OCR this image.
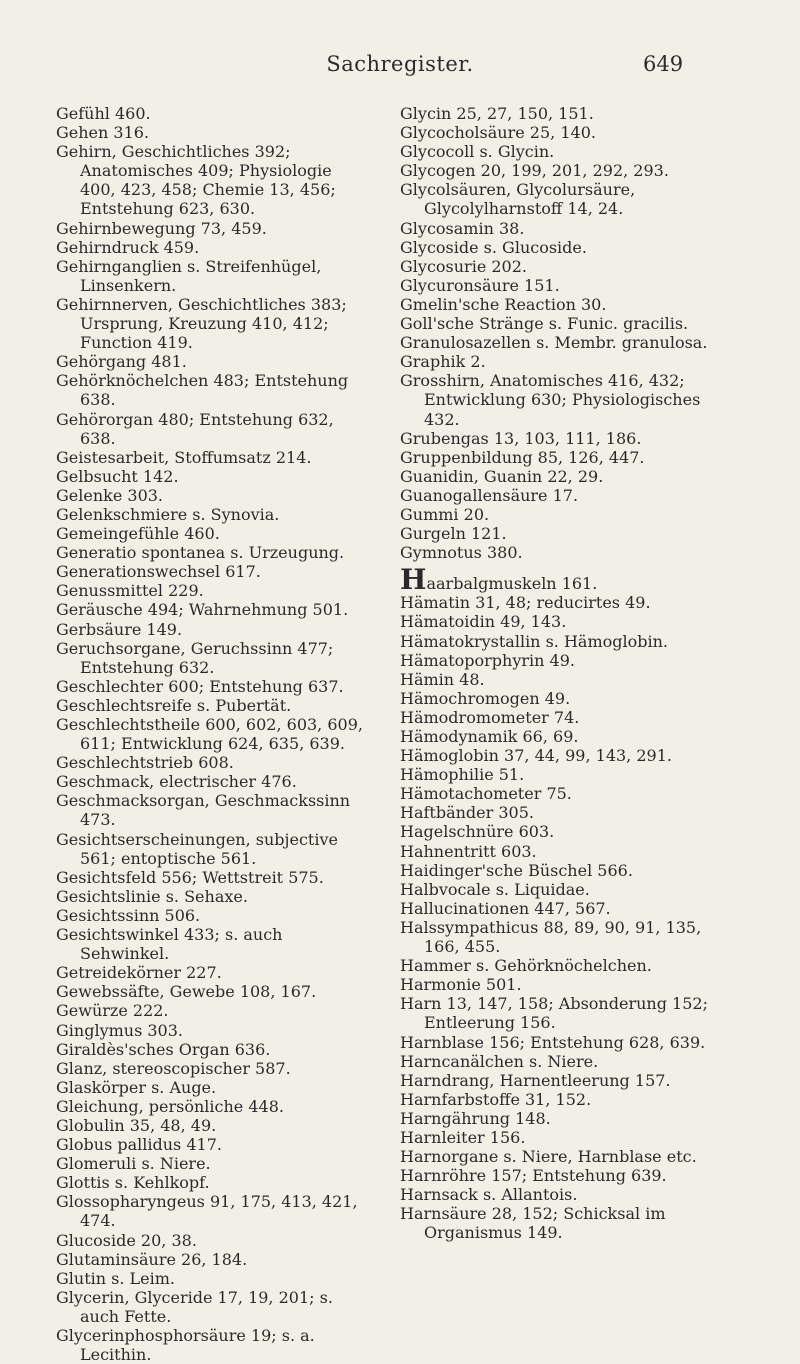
Sachregister.	649
Gefühl 460.
Gehen 316.
Gehirn, Geschichtliches 392; Anatomisches 409; Physiologie 400, 423, 458; Chemie 13, 456; Entstehung 623, 630.
Gehirnbewegung 73, 459.
Gehirndruck 459.
Gehirnganglien s. Streifenhügel, Linsenkern.
Gehirnnerven, Geschichtliches 383; Ursprung, Kreuzung 410, 412; Function 419.
Gehörgang 481.
Gehörknöchelchen 483; Entstehung 638.
Gehörorgan 480; Entstehung 632, 638.
Geistesarbeit, Stoffumsatz 214.
Gelbsucht 142.
Gelenke 303.
Gelenkschmiere s. Synovia.
Gemeingefühle 460.
Generatio spontanea s. Urzeugung.
Generationswechsel 617.
Genussmittel 229.
Geräusche 494; Wahrnehmung 501.
Gerbsäure 149.
Geruchsorgane, Geruchssinn 477; Entstehung 632.
Geschlechter 600; Entstehung 637.
Geschlechtsreife s. Pubertät.
Geschlechtstheile 600, 602, 603, 609, 611; Entwicklung 624, 635, 639.
Geschlechtstrieb 608.
Geschmack, electrischer 476.
Geschmacksorgan, Geschmackssinn 473.
Gesichtserscheinungen, subjective 561; entoptische 561.
Gesichtsfeld 556; Wettstreit 575.
Gesichtslinie s. Sehaxe.
Gesichtssinn 506.
Gesichtswinkel 433; s. auch Sehwinkel.
Getreidekörner 227.
Gewebssäfte, Gewebe 108, 167.
Gewürze 222.
Ginglymus 303.
Giraldès'sches Organ 636.
Glanz, stereoscopischer 587.
Glaskörper s. Auge.
Gleichung, persönliche 448.
Globulin 35, 48, 49.
Globus pallidus 417.
Glomeruli s. Niere.
Glottis s. Kehlkopf.
Glossopharyngeus 91, 175, 413, 421, 474.
Glucoside 20, 38.
Glutaminsäure 26, 184.
Glutin s. Leim.
Glycerin, Glyceride 17, 19, 201; s. auch Fette.
Glycerinphosphorsäure 19; s. a. Lecithin.
Glycin 25, 27, 150, 151.
Glycocholsäure 25, 140.
Glycocoll s. Glycin.
Glycogen 20, 199, 201, 292, 293.
Glycolsäuren, Glycolursäure, Glycolylharnstoff 14, 24.
Glycosamin 38.
Glycoside s. Glucoside.
Glycosurie 202.
Glycuronsäure 151.
Gmelin'sche Reaction 30.
Goll'sche Stränge s. Funic. gracilis.
Granulosazellen s. Membr. granulosa.
Graphik 2.
Grosshirn, Anatomisches 416, 432; Entwicklung 630; Physiologisches 432.
Grubengas 13, 103, 111, 186.
Gruppenbildung 85, 126, 447.
Guanidin, Guanin 22, 29.
Guanogallensäure 17.
Gummi 20.
Gurgeln 121.
Gymnotus 380.
Haarbalgmuskeln 161.
Hämatin 31, 48; reducirtes 49.
Hämatoidin 49, 143.
Hämatokrystallin s. Hämoglobin.
Hämatoporphyrin 49.
Hämin 48.
Hämochromogen 49.
Hämodromometer 74.
Hämodynamik 66, 69.
Hämoglobin 37, 44, 99, 143, 291.
Hämophilie 51.
Hämotachometer 75.
Haftbänder 305.
Hagelschnüre 603.
Hahnentritt 603.
Haidinger'sche Büschel 566.
Halbvocale s. Liquidae.
Hallucinationen 447, 567.
Halssympathicus 88, 89, 90, 91, 135, 166, 455.
Hammer s. Gehörknöchelchen.
Harmonie 501.
Harn 13, 147, 158; Absonderung 152; Entleerung 156.
Harnblase 156; Entstehung 628, 639.
Harncanälchen s. Niere.
Harndrang, Harnentleerung 157.
Harnfarbstoffe 31, 152.
Harngährung 148.
Harnleiter 156.
Harnorgane s. Niere, Harnblase etc.
Harnröhre 157; Entstehung 639.
Harnsack s. Allantois.
Harnsäure 28, 152; Schicksal im Organismus 149.
